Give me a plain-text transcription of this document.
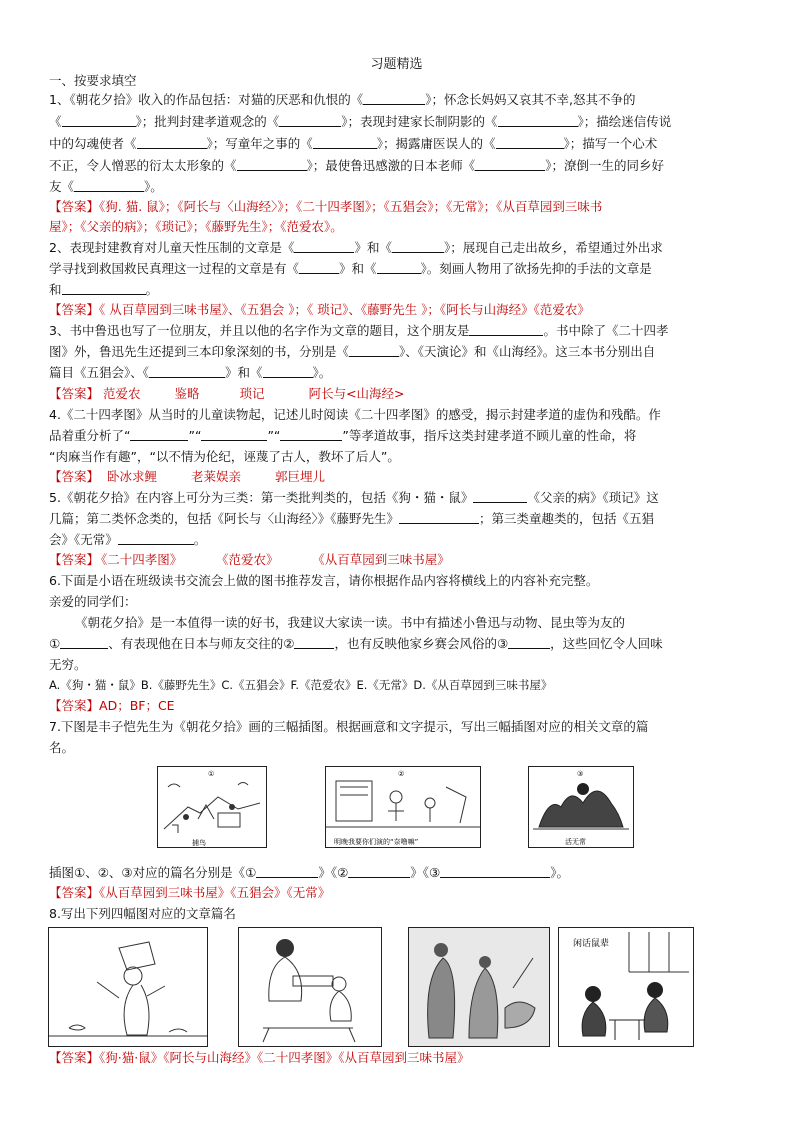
习题精选
一、按要求填空
1、《朝花夕拾》收入的作品包括：对猫的厌恶和仇恨的《	》；怀念长妈妈又哀其不幸,怒其不争的
《	》；批判封建孝道观念的《	》；表现封建家长制阴影的《	》；描绘迷信传说
中的勾魂使者《	》；写童年之事的《	》；揭露庸医误人的《	》；描写一个心术
不正，令人憎恶的衍太太形象的《	》；最使鲁迅感激的日本老师《	》；潦倒一生的同乡好
友《	》。
【答案】《狗. 猫. 鼠》；《阿长与〈山海经〉》；《二十四孝图》；《五猖会》；《无常》；《从百草园到三味书
屋》；《父亲的病》；《琐记》；《藤野先生》；《范爱农》。
2、表现封建教育对儿童天性压制的文章是《	》和《	》；展现自己走出故乡，希望通过外出求
学寻找到救国救民真理这一过程的文章是有《	》和《	》。刻画人物用了欲扬先抑的手法的文章是
和	。
【答案】《 从百草园到三味书屋》、《五猖会 》；《 琐记》、《藤野先生 》；《阿长与山海经》《范爱农》
3、书中鲁迅也写了一位朋友，并且以他的名字作为文章的题目，这个朋友是	。书中除了《二十四孝
图》外，鲁迅先生还提到三本印象深刻的书，分别是《	》、《天演论》和《山海经》。这三本书分别出自
篇目《五猖会》、《	》和《	》。
【答案】 范爱农	鉴略	琐记	阿长与<山海经>
4.《二十四孝图》从当时的儿童读物起，记述儿时阅读《二十四孝图》的感受，揭示封建孝道的虚伪和残酷。作
品着重分析了“	”“	”“	”等孝道故事，指斥这类封建孝道不顾儿童的性命，将
“肉麻当作有趣”，“以不情为伦纪，诬蔑了古人，教坏了后人”。
【答案】 卧冰求鲤	老莱娱亲	郭巨埋儿
5.《朝花夕拾》在内容上可分为三类：第一类批判类的，包括《狗・猫・鼠》	《父亲的病》《琐记》这
几篇；第二类怀念类的，包括《阿长与〈山海经〉》《藤野先生》	；第三类童趣类的，包括《五猖
会》《无常》	。
【答案】 《二十四孝图》	《范爱农》	《从百草园到三味书屋》
6.下面是小语在班级读书交流会上做的图书推荐发言，请你根据作品内容将横线上的内容补充完整。
亲爱的同学们：
《朝花夕拾》是一本值得一读的好书，我建议大家读一读。书中有描述小鲁迅与动物、昆虫等为友的
①	、有表现他在日本与师友交往的②	，也有反映他家乡赛会风俗的③	，这些回忆令人回味
无穷。
A.《狗・猫・鼠》B.《藤野先生》C.《五猖会》F.《范爱农》E.《无常》D.《从百草园到三味书屋》
【答案】AD；BF；CE
7.下图是丰子恺先生为《朝花夕拾》画的三幅插图。根据画意和文字提示，写出三幅插图对应的相关文章的篇
名。
①
捕鸟
②
明晚我要你们演的“奈噜嘛”
③
活无常
插图①、②、③对应的篇名分别是《①	》《②	》《③	》。
【答案】《从百草园到三味书屋》《五猖会》《无常》
8.写出下列四幅图对应的文章篇名
闲话鼠辈
【答案】《狗·猫·鼠》《阿长与山海经》《二十四孝图》《从百草园到三味书屋》
